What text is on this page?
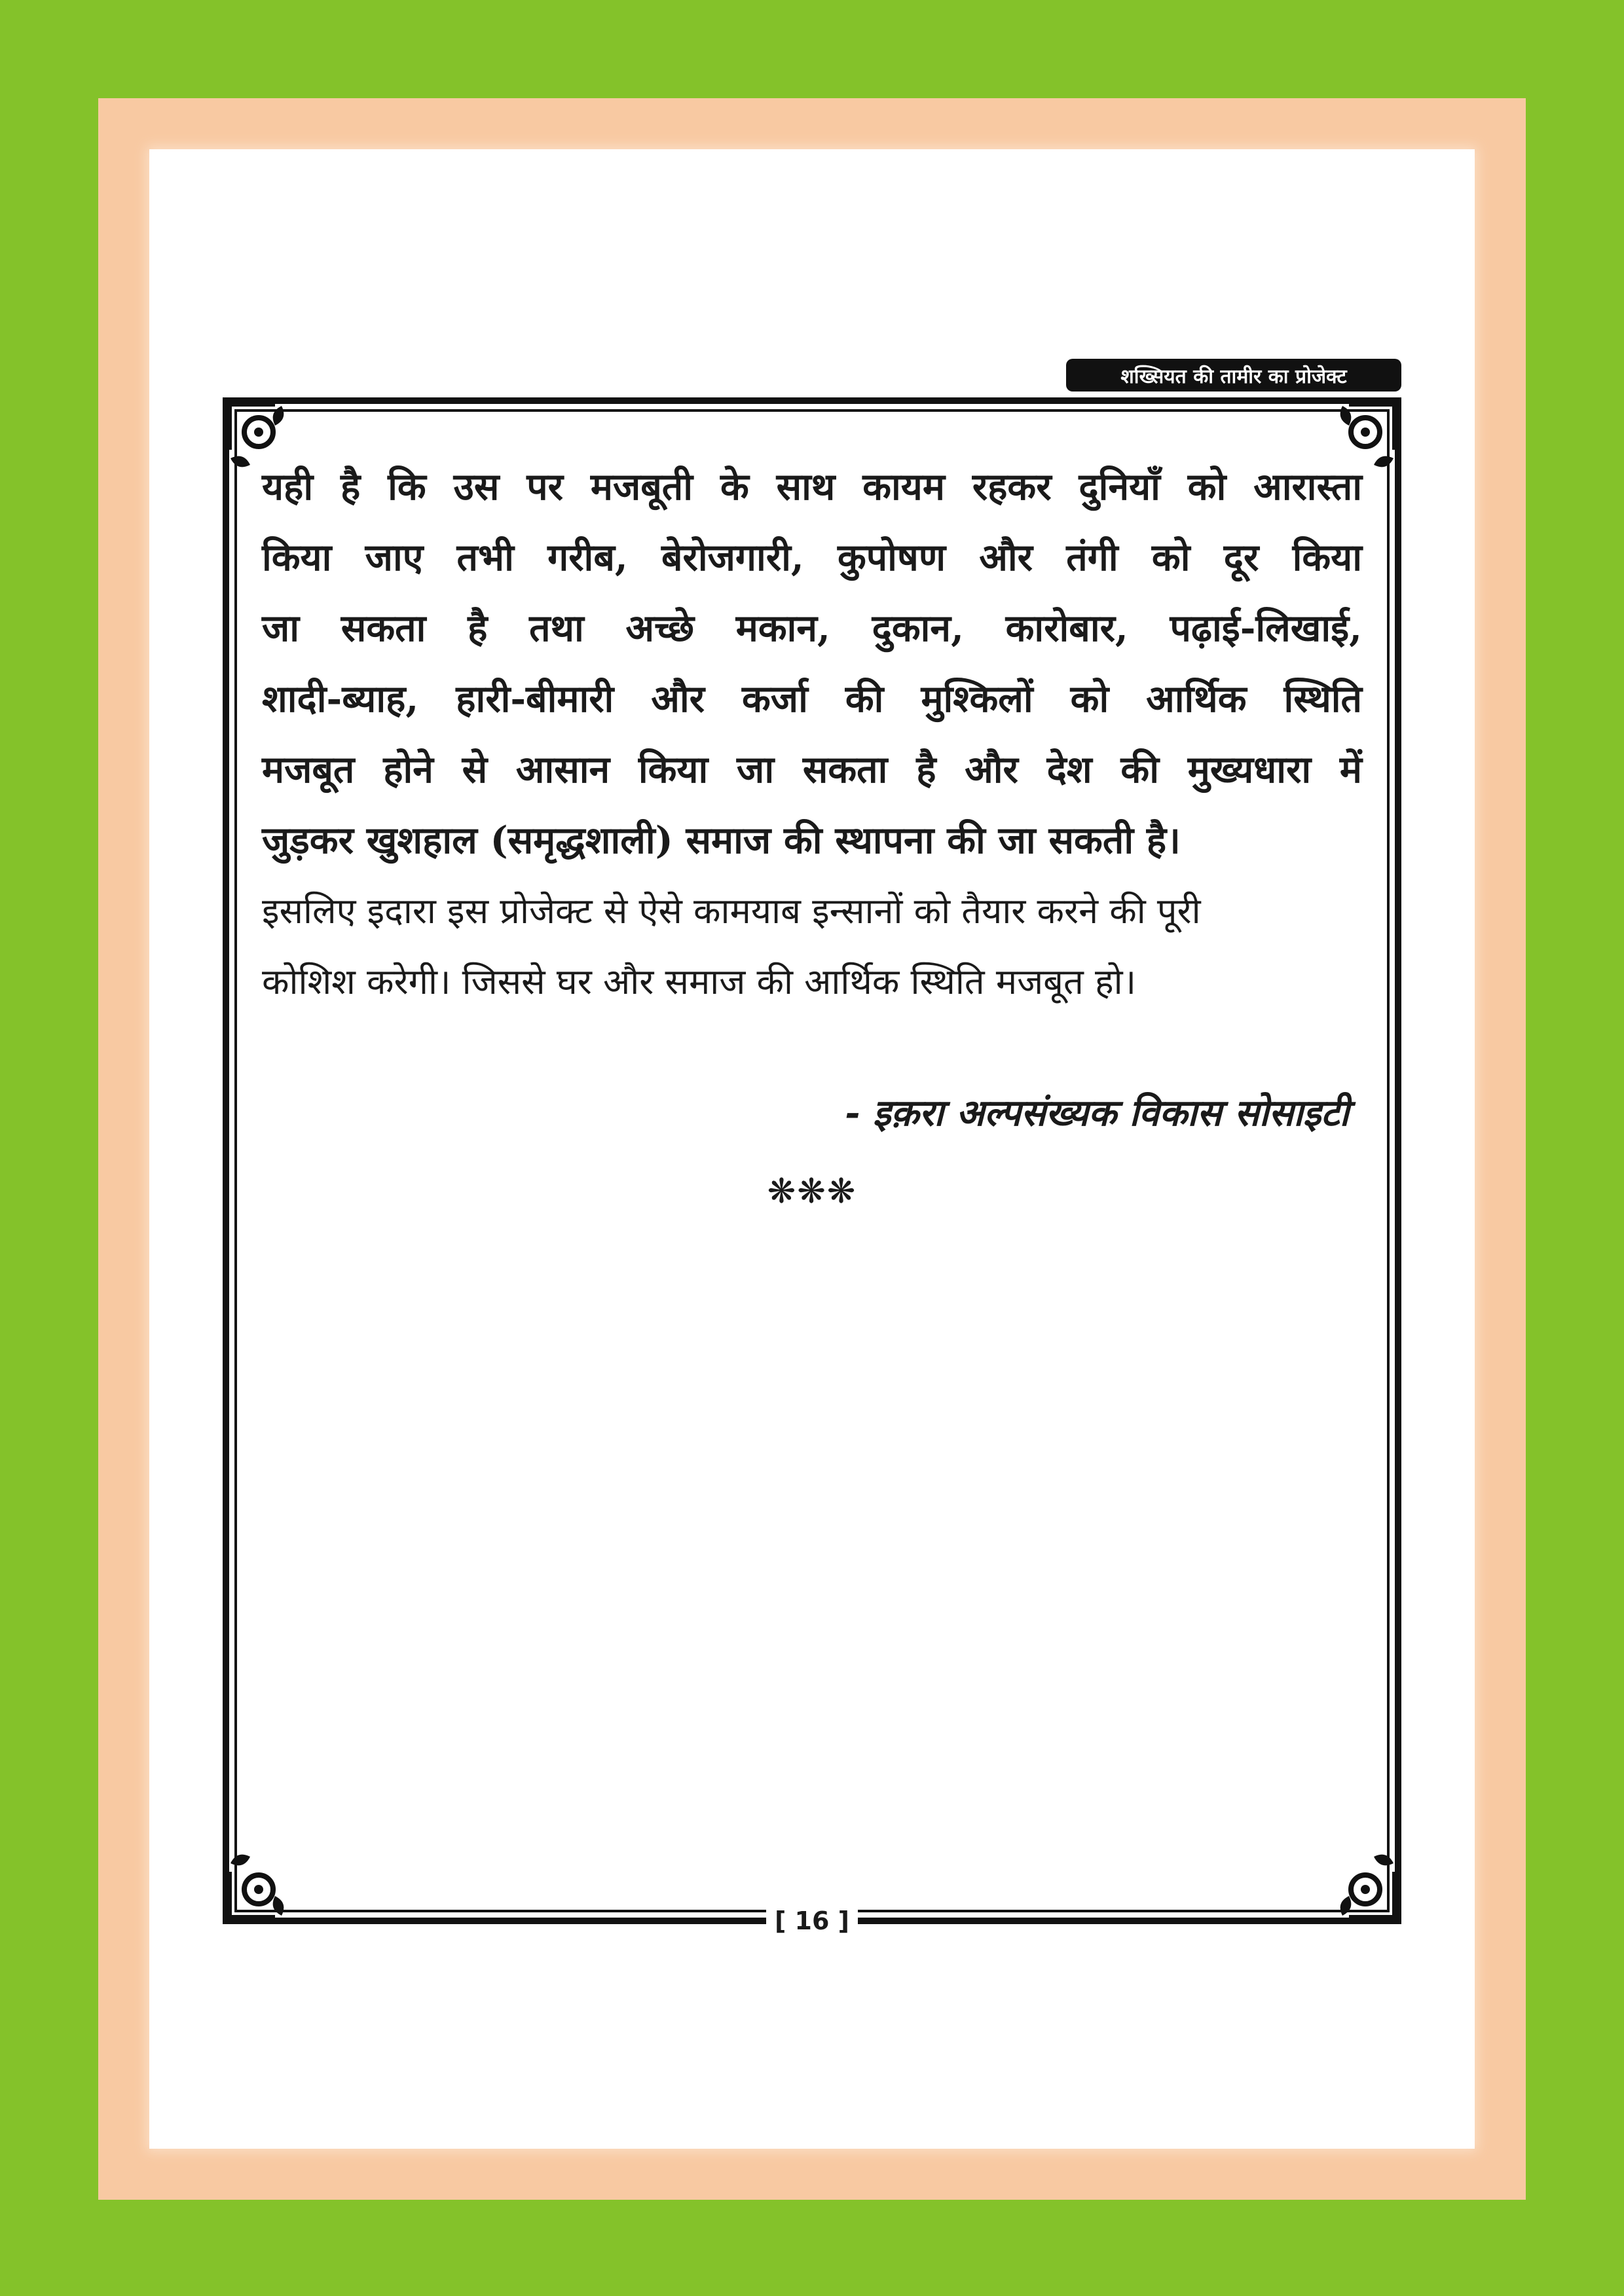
शख्सियत की तामीर का प्रोजेक्ट

यही है कि उस पर मजबूती के साथ कायम रहकर दुनियाँ को आरास्ता

किया जाए तभी गरीब, बेरोजगारी, कुपोषण और तंगी को दूर किया

जा सकता है तथा अच्छे मकान, दुकान, कारोबार, पढ़ाई-लिखाई,

शादी-ब्याह, हारी-बीमारी और कर्जा की मुश्किलों को आर्थिक स्थिति

मजबूत होने से आसान किया जा सकता है और देश की मुख्यधारा में

जुड़कर खुशहाल (समृद्धशाली) समाज की स्थापना की जा सकती है।

इसलिए इदारा इस प्रोजेक्ट से ऐसे कामयाब इन्सानों को तैयार करने की पूरी

कोशिश करेगी। जिससे घर और समाज की आर्थिक स्थिति मजबूत हो।

- इक़रा अल्पसंख्यक विकास सोसाइटी
❋❋❋
[ 16 ]
